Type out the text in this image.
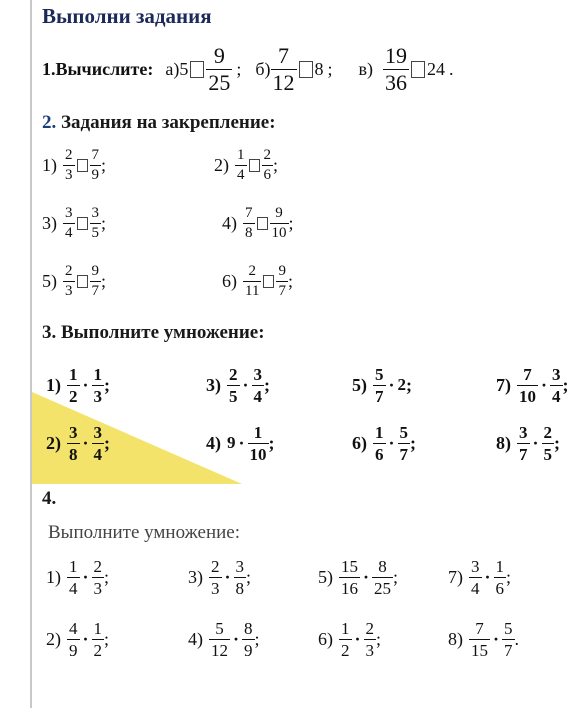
Выполни задания
1.Вычислите: а) $5 \frac{9}{25}$ ; $б) \frac{7}{12} 8$ ; $в) \frac{19}{36} 24$ .
2. Задания на закрепление:
$1) \frac{2}{3} \frac{7}{9}$ ;	$2) \frac{1}{4} \frac{2}{6}$ ;
$3) \frac{3}{4} \frac{3}{5}$ ;	$4) \frac{7}{8} \frac{9}{10}$ ;
$5) \frac{2}{3} \frac{9}{7}$ ;	$6) \frac{2}{11} \frac{9}{7}$ ;
3. Выполните умножение:
$1) \frac{1}{2} \cdot \frac{1}{3}$ ;	$3) \frac{2}{5} \cdot \frac{3}{4}$ ;	$5) \frac{5}{7} \cdot 2$ ;	$7) \frac{7}{10} \cdot \frac{3}{4}$ ;
$2) \frac{3}{8} \cdot \frac{3}{4}$ ;	4) $9 \cdot \frac{1}{10}$ ;	$6) \frac{1}{6} \cdot \frac{5}{7}$ ;	$8) \frac{3}{7} \cdot \frac{2}{5}$ ;
4.
Выполните умножение:
$1) \frac{1}{4} \cdot \frac{2}{3}$ ;	$3) \frac{2}{3} \cdot \frac{3}{8}$ ;	$5) \frac{15}{16} \cdot \frac{8}{25}$ ;	$7) \frac{3}{4} \cdot \frac{1}{6}$ ;
$2) \frac{4}{9} \cdot \frac{1}{2}$ ;	$4) \frac{5}{12} \cdot \frac{8}{9}$ ;	$6) \frac{1}{2} \cdot \frac{2}{3}$ ;	$8) \frac{7}{15} \cdot \frac{5}{7}$ .
